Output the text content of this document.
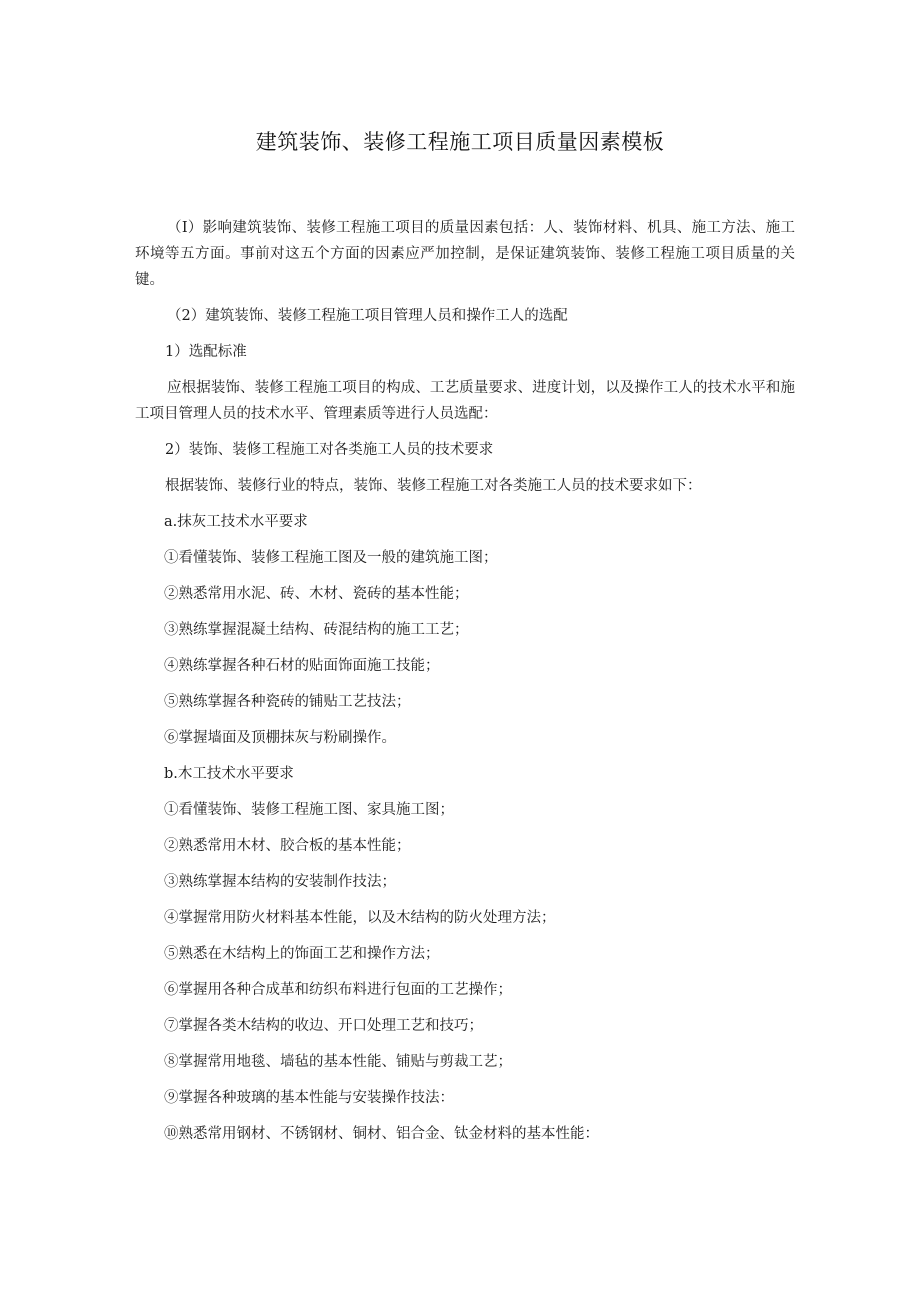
建筑装饰、装修工程施工项目质量因素模板

（I）影响建筑装饰、装修工程施工项目的质量因素包括：人、装饰材料、机具、施工方法、施工环境等五方面。事前对这五个方面的因素应严加控制，是保证建筑装饰、装修工程施工项目质量的关键。

（2）建筑装饰、装修工程施工项目管理人员和操作工人的选配

1）选配标准

应根据装饰、装修工程施工项目的构成、工艺质量要求、进度计划，以及操作工人的技术水平和施工项目管理人员的技术水平、管理素质等进行人员选配：

2）装饰、装修工程施工对各类施工人员的技术要求
根据装饰、装修行业的特点，装饰、装修工程施工对各类施工人员的技术要求如下：
a.抹灰工技术水平要求
①看懂装饰、装修工程施工图及一般的建筑施工图；
②熟悉常用水泥、砖、木材、瓷砖的基本性能；
③熟练掌握混凝土结构、砖混结构的施工工艺；
④熟练掌握各种石材的贴面饰面施工技能；
⑤熟练掌握各种瓷砖的铺贴工艺技法；
⑥掌握墙面及顶棚抹灰与粉刷操作。
b.木工技术水平要求
①看懂装饰、装修工程施工图、家具施工图；
②熟悉常用木材、胶合板的基本性能；
③熟练掌握本结构的安装制作技法；
④掌握常用防火材料基本性能，以及木结构的防火处理方法；
⑤熟悉在木结构上的饰面工艺和操作方法；
⑥掌握用各种合成革和纺织布料进行包面的工艺操作；
⑦掌握各类木结构的收边、开口处理工艺和技巧；
⑧掌握常用地毯、墙毡的基本性能、铺贴与剪裁工艺；
⑨掌握各种玻璃的基本性能与安装操作技法：
⑩熟悉常用钢材、不锈钢材、铜材、铝合金、钛金材料的基本性能：
